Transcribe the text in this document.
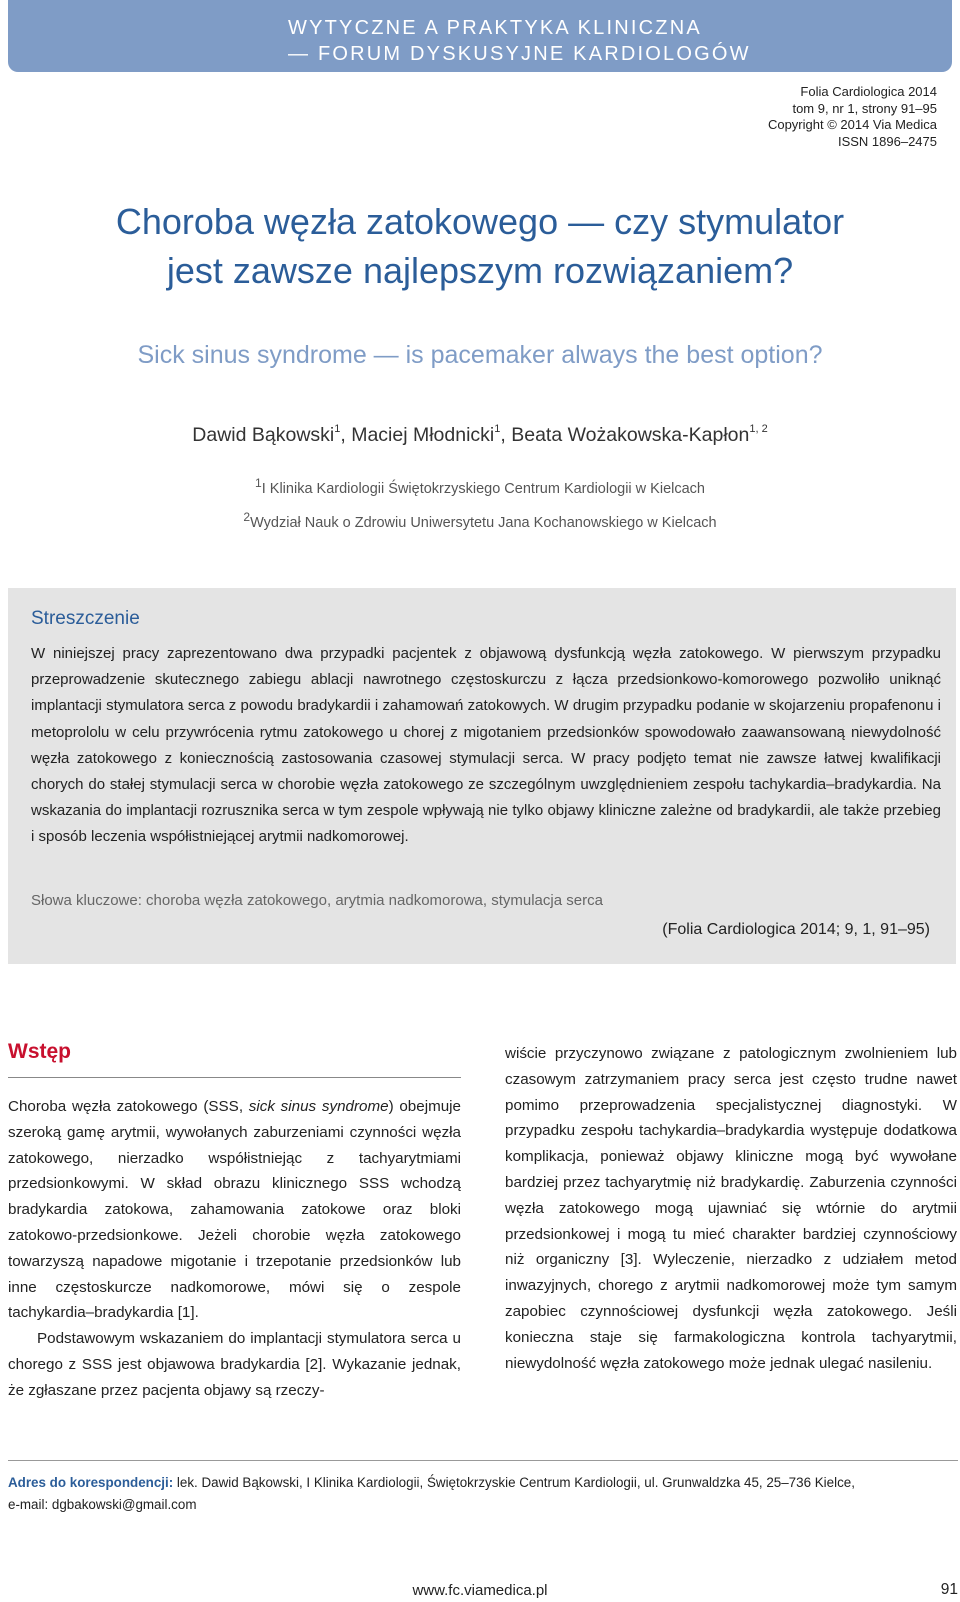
WYTYCZNE A PRAKTYKA KLINICZNA
— FORUM DYSKUSYJNE KARDIOLOGÓW
Folia Cardiologica 2014
tom 9, nr 1, strony 91–95
Copyright © 2014 Via Medica
ISSN 1896–2475
Choroba węzła zatokowego — czy stymulator
jest zawsze najlepszym rozwiązaniem?
Sick sinus syndrome — is pacemaker always the best option?
Dawid Bąkowski$^1$, Maciej Młodnicki$^1$, Beata Wożakowska-Kapłon$^{1, 2}$
$^1$I Klinika Kardiologii Świętokrzyskiego Centrum Kardiologii w Kielcach
$^2$Wydział Nauk o Zdrowiu Uniwersytetu Jana Kochanowskiego w Kielcach
Streszczenie
W niniejszej pracy zaprezentowano dwa przypadki pacjentek z objawową dysfunkcją węzła zatokowego. W pierwszym przypadku przeprowadzenie skutecznego zabiegu ablacji nawrotnego częstoskurczu z łącza przedsionkowo-komorowego pozwoliło uniknąć implantacji stymulatora serca z powodu bradykardii i zahamowań zatokowych. W drugim przypadku podanie w skojarzeniu propafenonu i metoprololu w celu przywrócenia rytmu zatokowego u chorej z migotaniem przedsionków spowodowało zaawansowaną niewydolność węzła zatokowego z koniecznością zastosowania czasowej stymulacji serca. W pracy podjęto temat nie zawsze łatwej kwalifikacji chorych do stałej stymulacji serca w chorobie węzła zatokowego ze szczególnym uwzględnieniem zespołu tachykardia–bradykardia. Na wskazania do implantacji rozrusznika serca w tym zespole wpływają nie tylko objawy kliniczne zależne od bradykardii, ale także przebieg i sposób leczenia współistniejącej arytmii nadkomorowej.
Słowa kluczowe: choroba węzła zatokowego, arytmia nadkomorowa, stymulacja serca
(Folia Cardiologica 2014; 9, 1, 91–95)
Wstęp

Choroba węzła zatokowego (SSS, sick sinus syndrome) obejmuje szeroką gamę arytmii, wywołanych zaburzeniami czynności węzła zatokowego, nierzadko współistniejąc z tachyarytmiami przedsionkowymi. W skład obrazu klinicznego SSS wchodzą bradykardia zatokowa, zahamowania zatokowe oraz bloki zatokowo-przedsionkowe. Jeżeli chorobie węzła zatokowego towarzyszą napadowe migotanie i trzepotanie przedsionków lub inne częstoskurcze nadkomorowe, mówi się o zespole tachykardia–bradykardia [1].

Podstawowym wskazaniem do implantacji stymulatora serca u chorego z SSS jest objawowa bradykardia [2]. Wykazanie jednak, że zgłaszane przez pacjenta objawy są rzeczy-

wiście przyczynowo związane z patologicznym zwolnieniem lub czasowym zatrzymaniem pracy serca jest często trudne nawet pomimo przeprowadzenia specjalistycznej diagnostyki. W przypadku zespołu tachykardia–bradykardia występuje dodatkowa komplikacja, ponieważ objawy kliniczne mogą być wywołane bardziej przez tachyarytmię niż bradykardię. Zaburzenia czynności węzła zatokowego mogą ujawniać się wtórnie do arytmii przedsionkowej i mogą tu mieć charakter bardziej czynnościowy niż organiczny [3]. Wyleczenie, nierzadko z udziałem metod inwazyjnych, chorego z arytmii nadkomorowej może tym samym zapobiec czynnościowej dysfunkcji węzła zatokowego. Jeśli konieczna staje się farmakologiczna kontrola tachyarytmii, niewydolność węzła zatokowego może jednak ulegać nasileniu.

Adres do korespondencji: lek. Dawid Bąkowski, I Klinika Kardiologii, Świętokrzyskie Centrum Kardiologii, ul. Grunwaldzka 45, 25–736 Kielce,
e-mail: dgbakowski@gmail.com
www.fc.viamedica.pl	91
